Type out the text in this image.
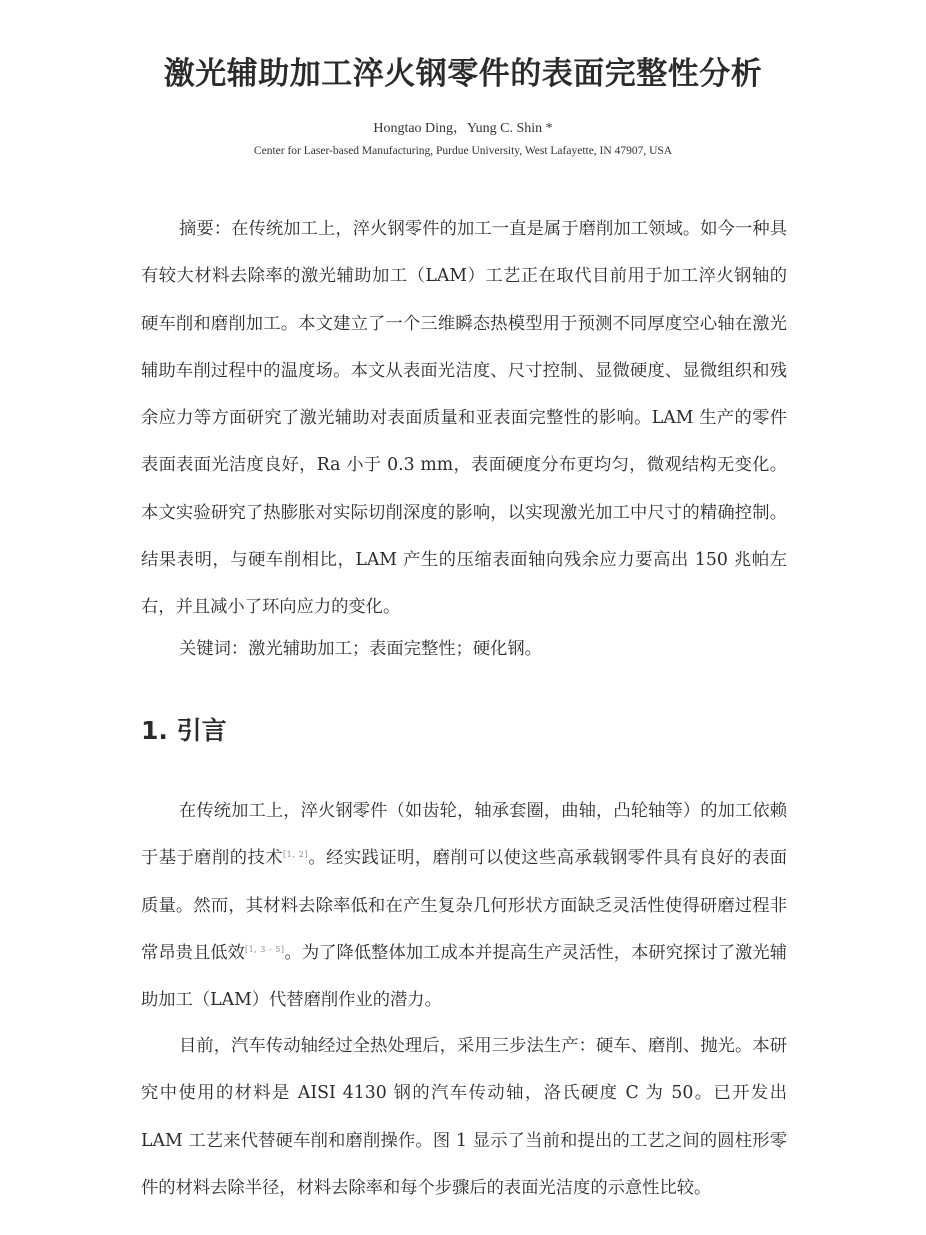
激光辅助加工淬火钢零件的表面完整性分析
Hongtao Ding，Yung C. Shin *
Center for Laser-based Manufacturing, Purdue University, West Lafayette, IN 47907, USA

摘要：在传统加工上，淬火钢零件的加工一直是属于磨削加工领域。如今一种具有较大材料去除率的激光辅助加工（LAM）工艺正在取代目前用于加工淬火钢轴的硬车削和磨削加工。本文建立了一个三维瞬态热模型用于预测不同厚度空心轴在激光辅助车削过程中的温度场。本文从表面光洁度、尺寸控制、显微硬度、显微组织和残余应力等方面研究了激光辅助对表面质量和亚表面完整性的影响。LAM 生产的零件表面表面光洁度良好，Ra 小于 0.3 mm，表面硬度分布更均匀，微观结构无变化。本文实验研究了热膨胀对实际切削深度的影响，以实现激光加工中尺寸的精确控制。结果表明，与硬车削相比，LAM 产生的压缩表面轴向残余应力要高出 150 兆帕左右，并且减小了环向应力的变化。

关键词：激光辅助加工；表面完整性；硬化钢。

1. 引言

在传统加工上，淬火钢零件（如齿轮，轴承套圈，曲轴，凸轮轴等）的加工依赖于基于磨削的技术[1, 2]。经实践证明，磨削可以使这些高承载钢零件具有良好的表面质量。然而，其材料去除率低和在产生复杂几何形状方面缺乏灵活性使得研磨过程非常昂贵且低效[1, 3 - 5]。为了降低整体加工成本并提高生产灵活性，本研究探讨了激光辅助加工（LAM）代替磨削作业的潜力。

目前，汽车传动轴经过全热处理后，采用三步法生产：硬车、磨削、抛光。本研究中使用的材料是 AISI 4130 钢的汽车传动轴，洛氏硬度 C 为 50。已开发出 LAM 工艺来代替硬车削和磨削操作。图 1 显示了当前和提出的工艺之间的圆柱形零件的材料去除半径，材料去除率和每个步骤后的表面光洁度的示意性比较。
